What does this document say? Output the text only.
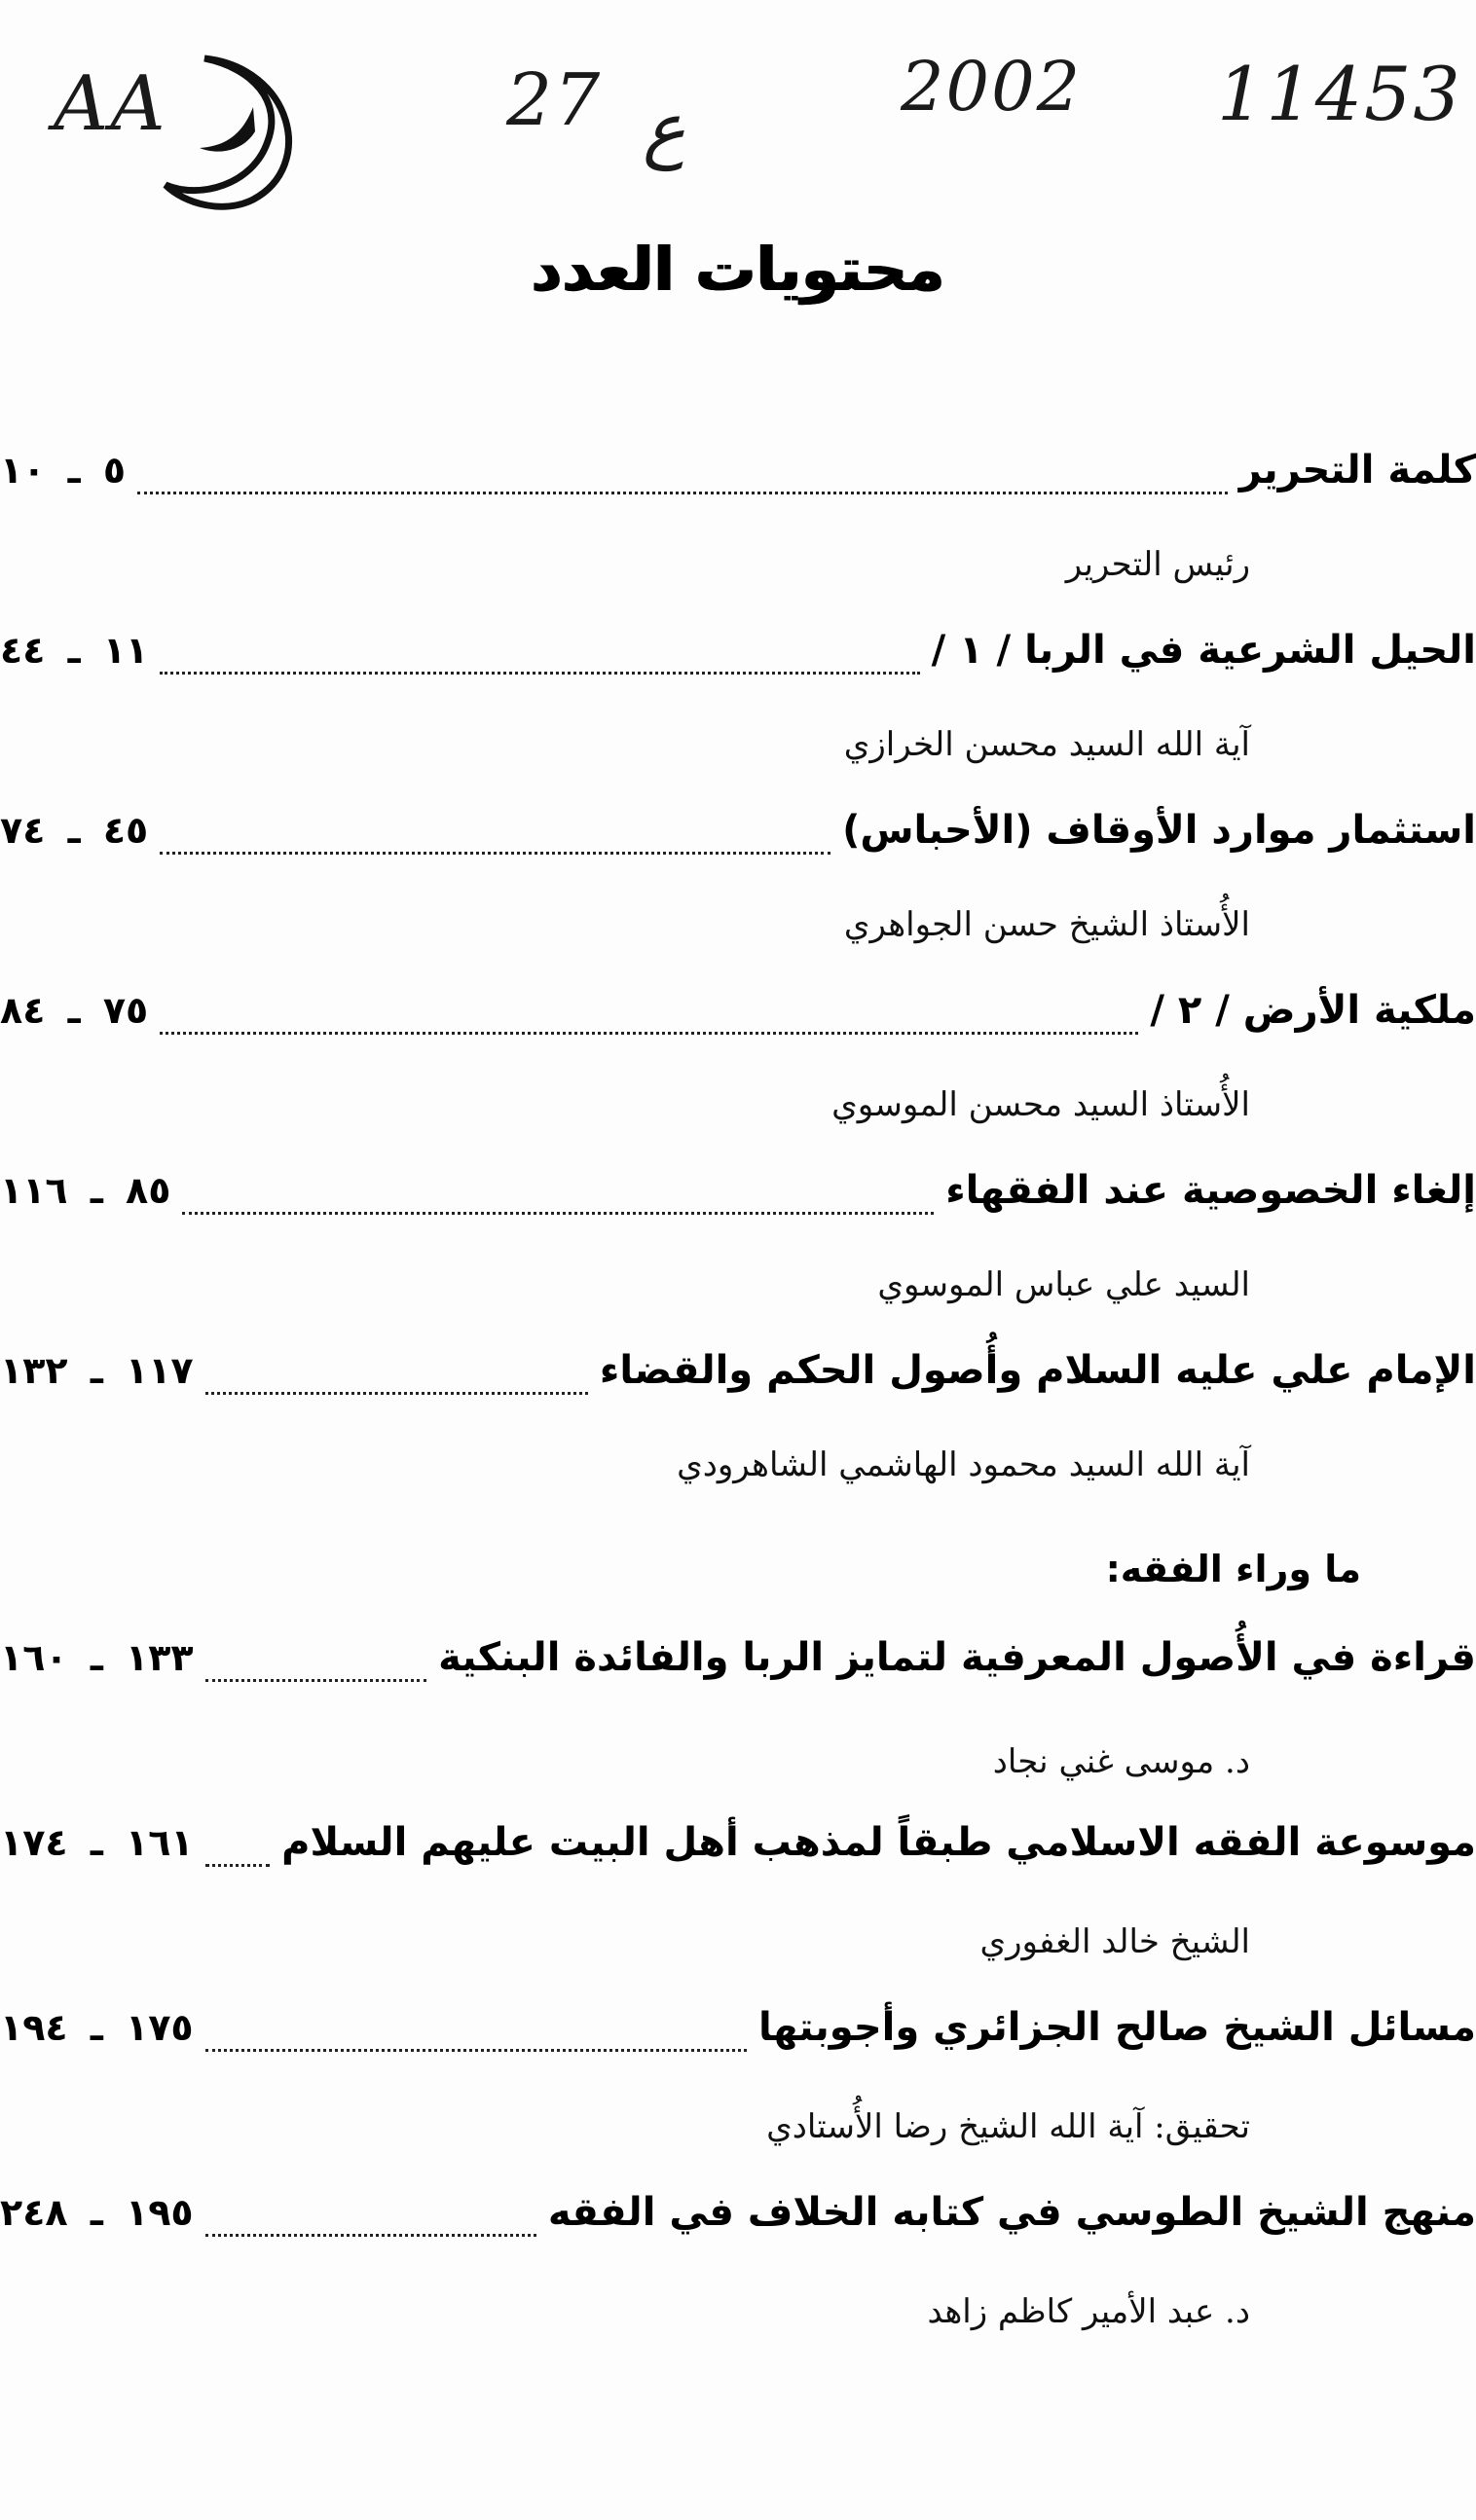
AA	27 ع
2002 11453
محتويات العدد
كلمة التحرير
٥ ـ ١٠
رئيس التحرير
الحيل الشرعية في الربا / ١ /
١١ ـ ٤٤
آية الله السيد محسن الخرازي
استثمار موارد الأوقاف (الأحباس)
٤٥ ـ ٧٤
الأُستاذ الشيخ حسن الجواهري
ملكية الأرض / ٢ /
٧٥ ـ ٨٤
الأُستاذ السيد محسن الموسوي
إلغاء الخصوصية عند الفقهاء
٨٥ ـ ١١٦
السيد علي عباس الموسوي
الإمام علي عليه السلام وأُصول الحكم والقضاء
١١٧ ـ ١٣٢
آية الله السيد محمود الهاشمي الشاهرودي
ما وراء الفقه:
قراءة في الأُصول المعرفية لتمايز الربا والفائدة البنكية
١٣٣ ـ ١٦٠
د. موسى غني نجاد
موسوعة الفقه الاسلامي طبقاً لمذهب أهل البيت عليهم السلام
١٦١ ـ ١٧٤
الشيخ خالد الغفوري
مسائل الشيخ صالح الجزائري وأجوبتها
١٧٥ ـ ١٩٤
تحقيق: آية الله الشيخ رضا الأُستادي
منهج الشيخ الطوسي في كتابه الخلاف في الفقه
١٩٥ ـ ٢٤٨
د. عبد الأمير كاظم زاهد
